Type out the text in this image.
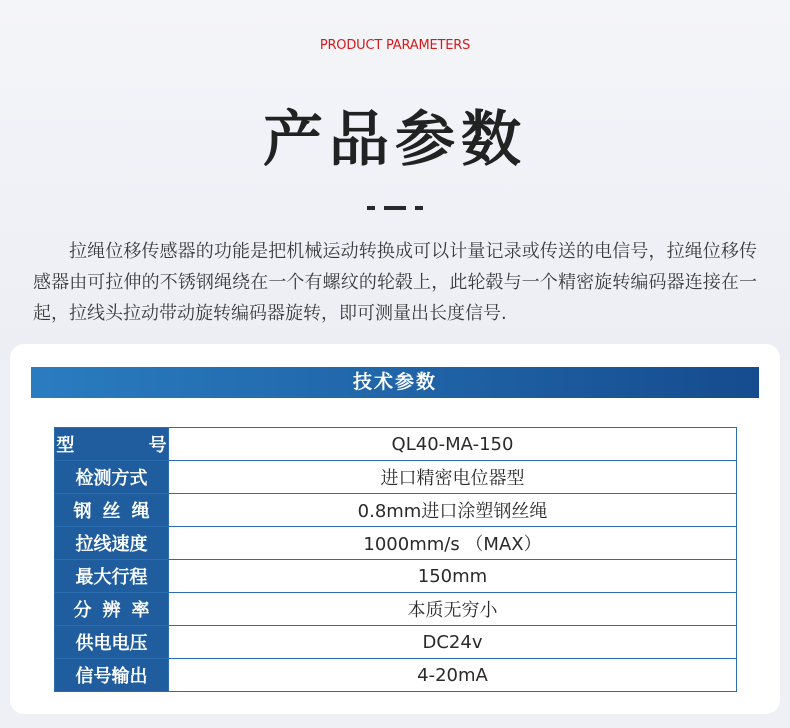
PRODUCT PARAMETERS
产品参数
拉绳位移传感器的功能是把机械运动转换成可以计量记录或传送的电信号，拉绳位移传感器由可拉伸的不锈钢绳绕在一个有螺纹的轮毂上，此轮毂与一个精密旋转编码器连接在一起，拉线头拉动带动旋转编码器旋转，即可测量出长度信号.
技术参数
型 号	QL40-MA-150
检测方式	进口精密电位器型
钢丝绳	0.8mm进口涂塑钢丝绳
拉线速度	1000mm/s （MAX）
最大行程	150mm
分辨率	本质无穷小
供电电压	DC24v
信号输出	4-20mA
